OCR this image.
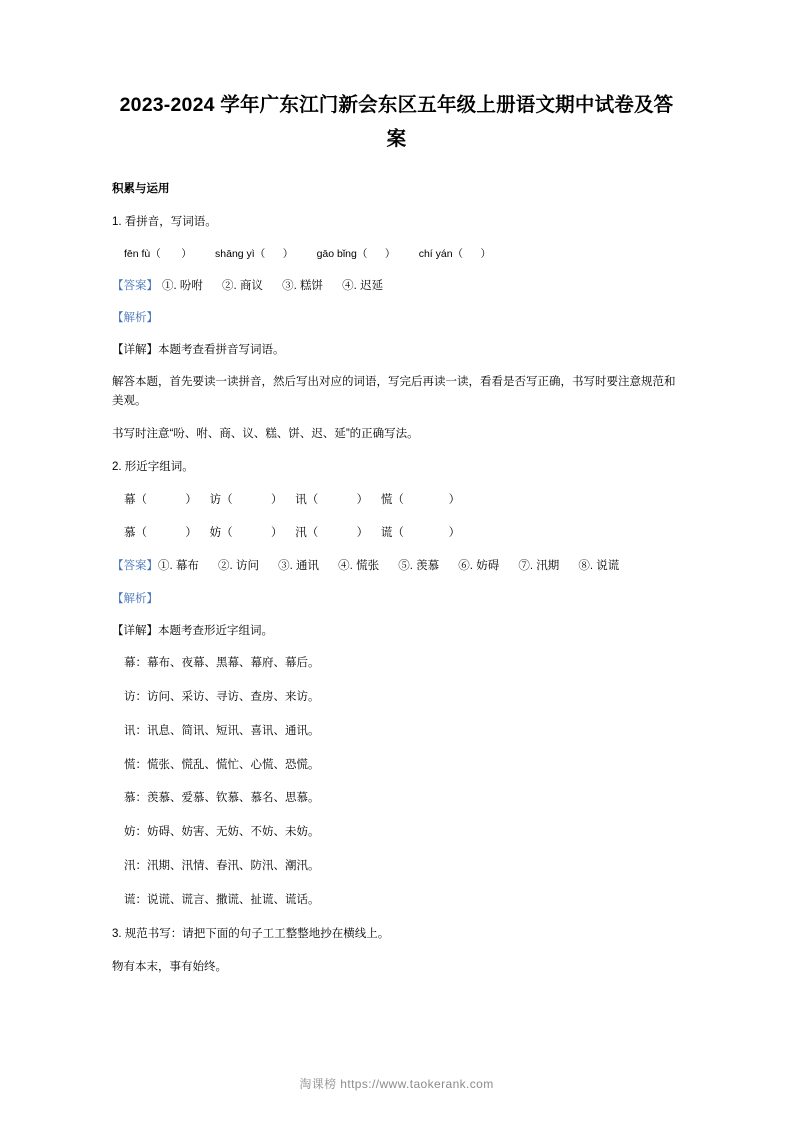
2023-2024 学年广东江门新会东区五年级上册语文期中试卷及答案
积累与运用
1. 看拼音，写词语。
fēn fù（       ）        shāng yì（      ）        gāo bǐng（      ）        chí yán（      ）
【答案】 ①. 吩咐      ②. 商议      ③. 糕饼      ④. 迟延
【解析】
【详解】本题考查看拼音写词语。

解答本题，首先要读一读拼音，然后写出对应的词语，写完后再读一读，看看是否写正确，书写时要注意规范和美观。

书写时注意“吩、咐、商、议、糕、饼、迟、延”的正确写法。

2. 形近字组词。
幕（            ）    访（            ）    讯（            ）    慌（              ）
慕（            ）    妨（            ）    汛（            ）    谎（              ）
【答案】①. 幕布      ②. 访问      ③. 通讯      ④. 慌张      ⑤. 羡慕      ⑥. 妨碍      ⑦. 汛期      ⑧. 说谎
【解析】
【详解】本题考查形近字组词。
幕：幕布、夜幕、黑幕、幕府、幕后。
访：访问、采访、寻访、查房、来访。
讯：讯息、简讯、短讯、喜讯、通讯。
慌：慌张、慌乱、慌忙、心慌、恐慌。
慕：羡慕、爱慕、钦慕、慕名、思慕。
妨：妨碍、妨害、无妨、不妨、未妨。
汛：汛期、汛情、春汛、防汛、潮汛。
谎：说谎、谎言、撒谎、扯谎、谎话。
3. 规范书写：请把下面的句子工工整整地抄在横线上。

物有本末，事有始终。

淘课榜 https://www.taokerank.com
